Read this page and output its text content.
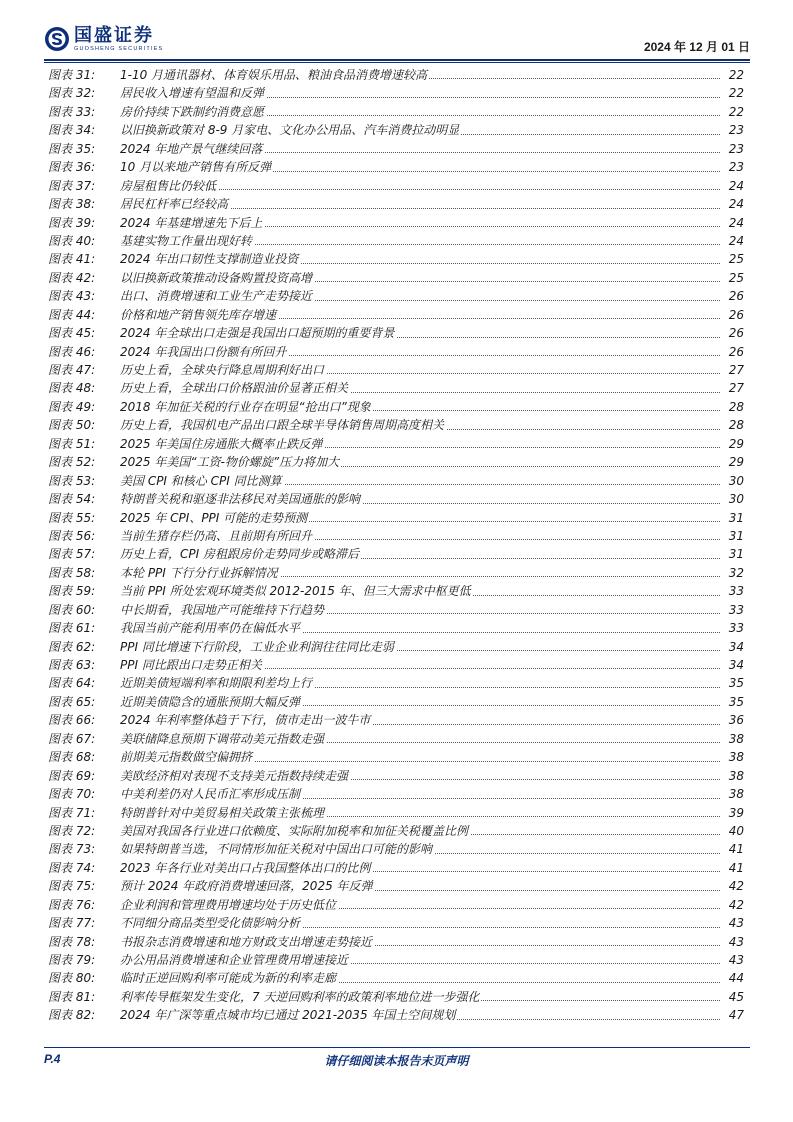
国盛证券
GUOSHENG SECURITIES	2024 年 12 月 01 日
图表 31: 1-10 月通讯器材、体育娱乐用品、粮油食品消费增速较高	22
图表 32: 居民收入增速有望温和反弹	22
图表 33: 房价持续下跌制约消费意愿	22
图表 34: 以旧换新政策对 8-9 月家电、文化办公用品、汽车消费拉动明显	23
图表 35: 2024 年地产景气继续回落	23
图表 36: 10 月以来地产销售有所反弹	23
图表 37: 房屋租售比仍较低	24
图表 38: 居民杠杆率已经较高	24
图表 39: 2024 年基建增速先下后上	24
图表 40: 基建实物工作量出现好转	24
图表 41: 2024 年出口韧性支撑制造业投资	25
图表 42: 以旧换新政策推动设备购置投资高增	25
图表 43: 出口、消费增速和工业生产走势接近	26
图表 44: 价格和地产销售领先库存增速	26
图表 45: 2024 年全球出口走强是我国出口超预期的重要背景	26
图表 46: 2024 年我国出口份额有所回升	26
图表 47: 历史上看，全球央行降息周期利好出口	27
图表 48: 历史上看，全球出口价格跟油价显著正相关	27
图表 49: 2018 年加征关税的行业存在明显“抢出口”现象	28
图表 50: 历史上看，我国机电产品出口跟全球半导体销售周期高度相关	28
图表 51: 2025 年美国住房通胀大概率止跌反弹	29
图表 52: 2025 年美国“工资-物价螺旋”压力将加大	29
图表 53: 美国 CPI 和核心 CPI 同比测算	30
图表 54: 特朗普关税和驱逐非法移民对美国通胀的影响	30
图表 55: 2025 年 CPI、PPI 可能的走势预测	31
图表 56: 当前生猪存栏仍高、且前期有所回升	31
图表 57: 历史上看，CPI 房租跟房价走势同步或略滞后	31
图表 58: 本轮 PPI 下行分行业拆解情况	32
图表 59: 当前 PPI 所处宏观环境类似 2012-2015 年、但三大需求中枢更低	33
图表 60: 中长期看，我国地产可能维持下行趋势	33
图表 61: 我国当前产能利用率仍在偏低水平	33
图表 62: PPI 同比增速下行阶段，工业企业利润往往同比走弱	34
图表 63: PPI 同比跟出口走势正相关	34
图表 64: 近期美债短端利率和期限利差均上行	35
图表 65: 近期美债隐含的通胀预期大幅反弹	35
图表 66: 2024 年利率整体趋于下行，债市走出一波牛市	36
图表 67: 美联储降息预期下调带动美元指数走强	38
图表 68: 前期美元指数做空偏拥挤	38
图表 69: 美欧经济相对表现不支持美元指数持续走强	38
图表 70: 中美利差仍对人民币汇率形成压制	38
图表 71: 特朗普针对中美贸易相关政策主张梳理	39
图表 72: 美国对我国各行业进口依赖度、实际附加税率和加征关税覆盖比例	40
图表 73: 如果特朗普当选，不同情形加征关税对中国出口可能的影响	41
图表 74: 2023 年各行业对美出口占我国整体出口的比例	41
图表 75: 预计 2024 年政府消费增速回落，2025 年反弹	42
图表 76: 企业利润和管理费用增速均处于历史低位	42
图表 77: 不同细分商品类型受化债影响分析	43
图表 78: 书报杂志消费增速和地方财政支出增速走势接近	43
图表 79: 办公用品消费增速和企业管理费用增速接近	43
图表 80: 临时正逆回购利率可能成为新的利率走廊	44
图表 81: 利率传导框架发生变化，7 天逆回购利率的政策利率地位进一步强化	45
图表 82: 2024 年广深等重点城市均已通过 2021-2035 年国土空间规划	47
请仔细阅读本报告末页声明
P.4
